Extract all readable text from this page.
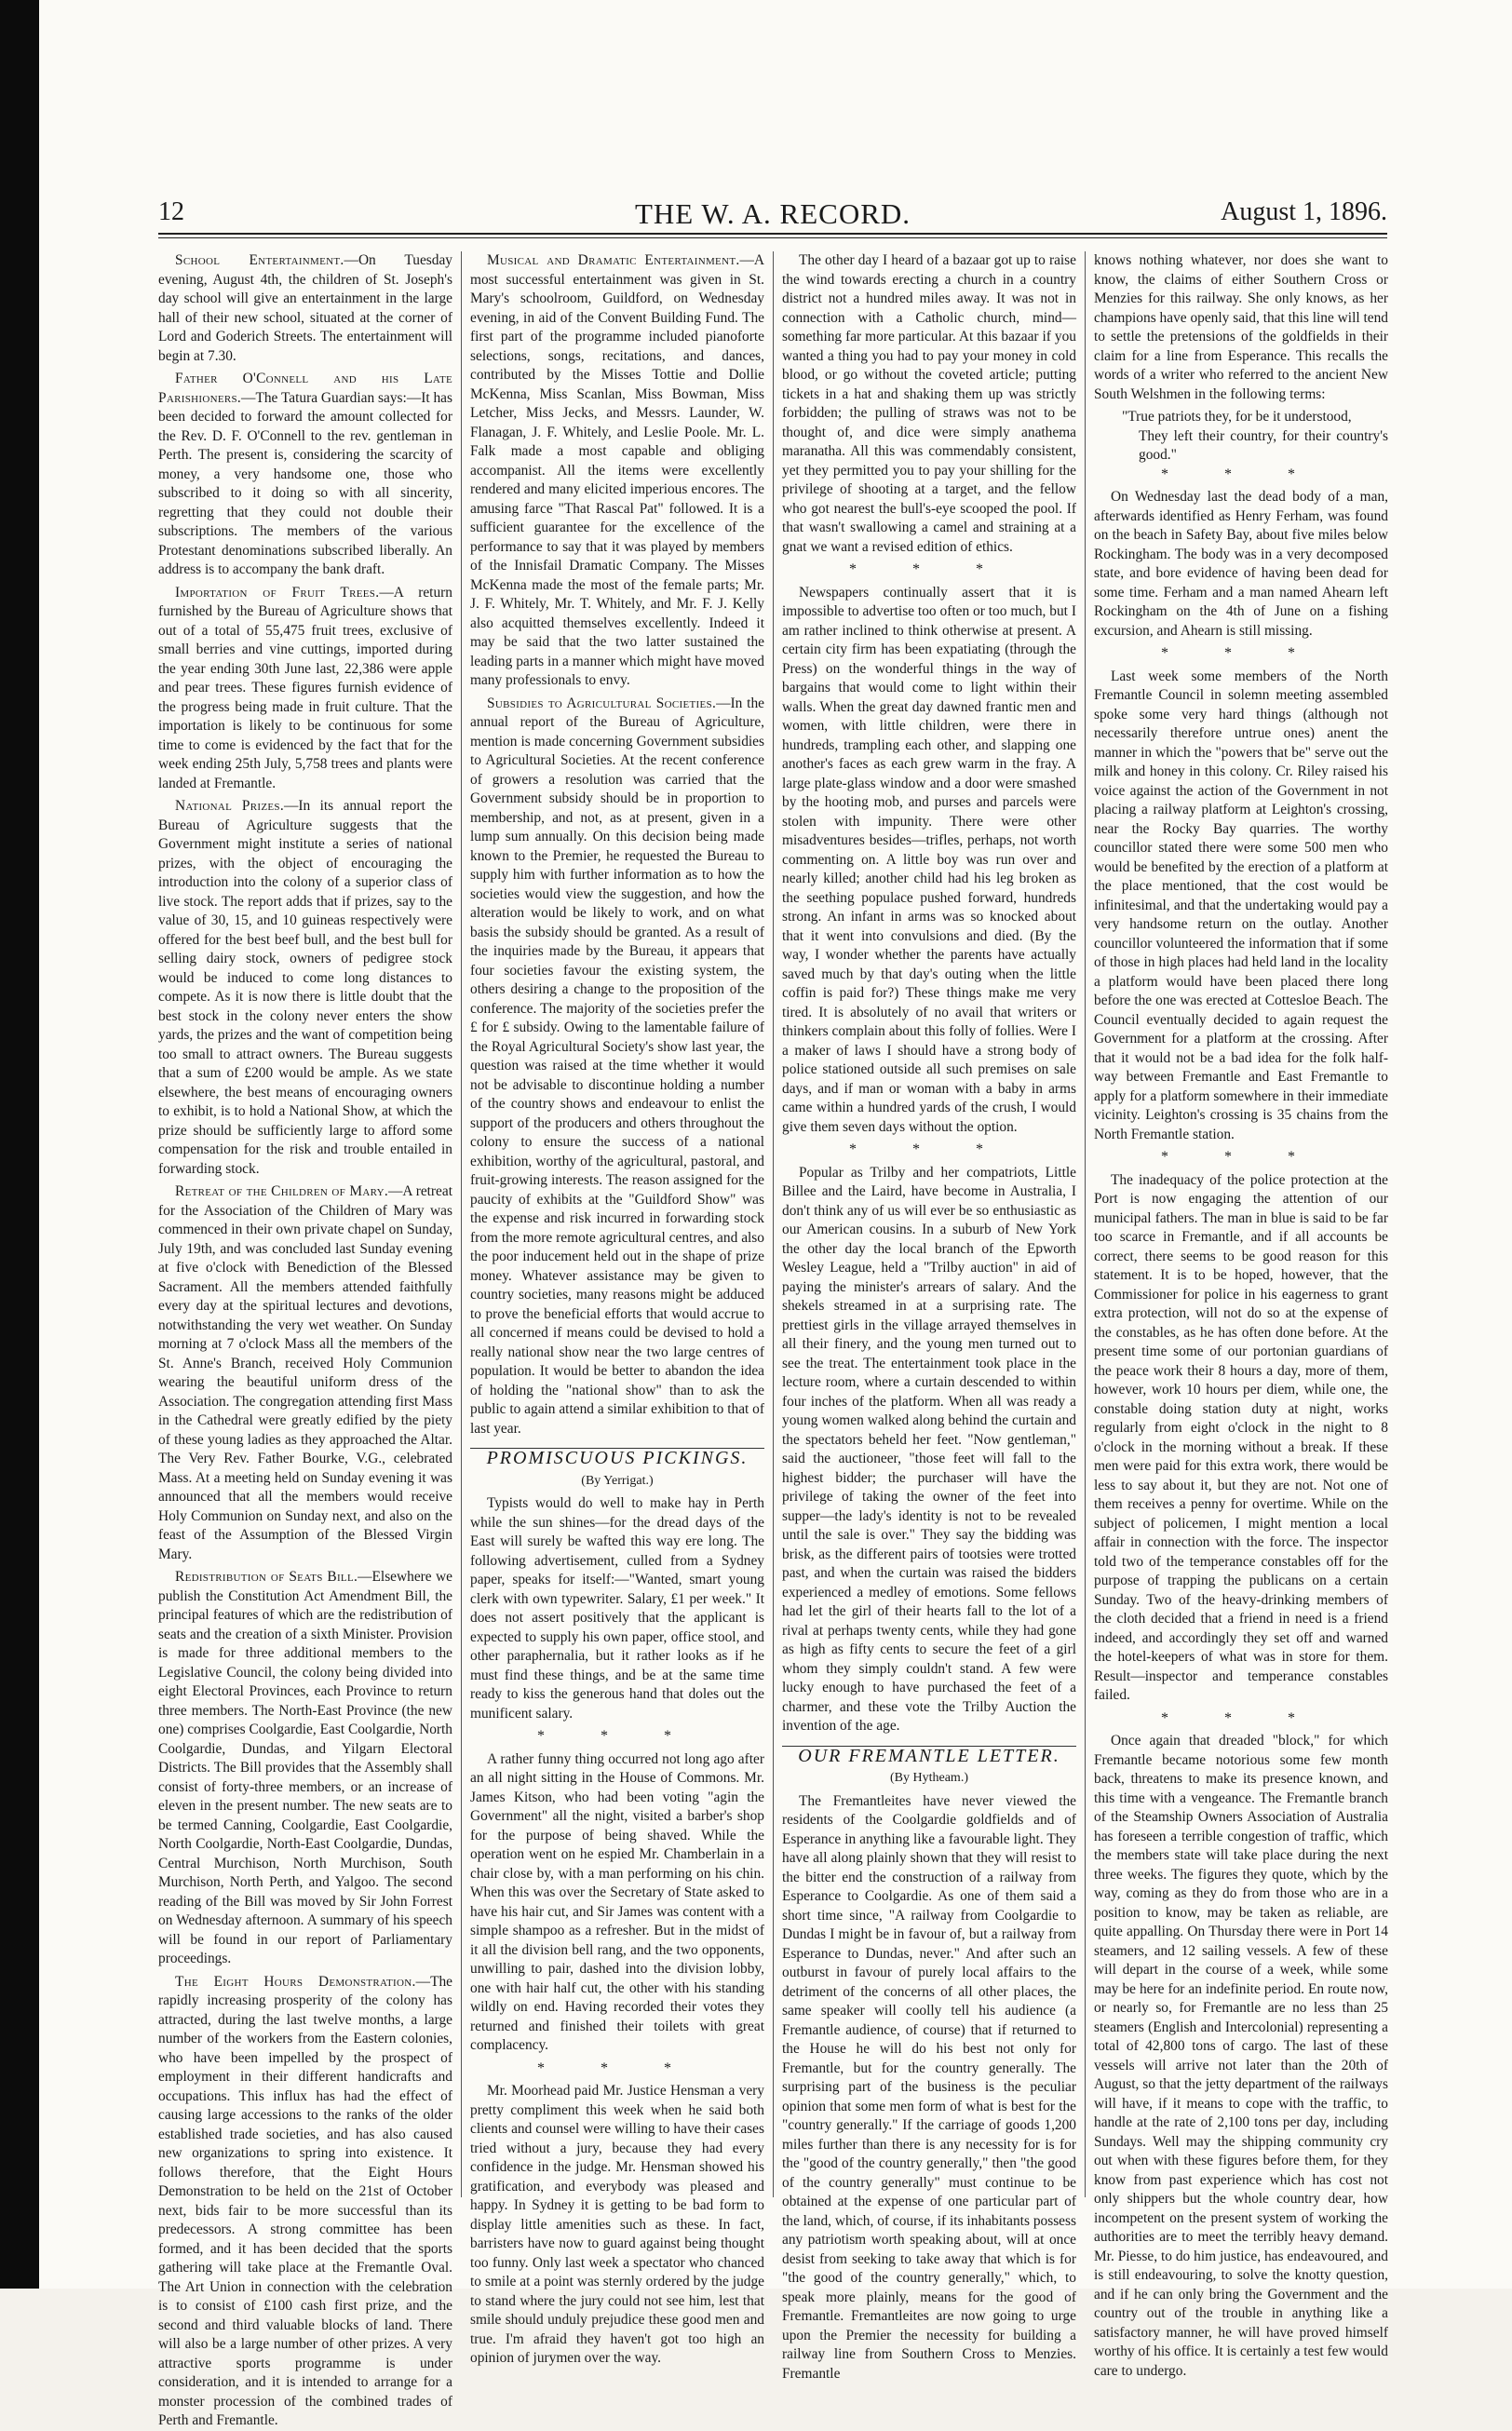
12	THE W. A. RECORD.	August 1, 1896.

School Entertainment.—On Tuesday evening, August 4th, the children of St. Joseph's day school will give an entertainment in the large hall of their new school, situated at the corner of Lord and Goderich Streets. The entertainment will begin at 7.30.

Father O'Connell and his Late Parishioners.—The Tatura Guardian says:—It has been decided to forward the amount collected for the Rev. D. F. O'Connell to the rev. gentleman in Perth. The present is, considering the scarcity of money, a very handsome one, those who subscribed to it doing so with all sincerity, regretting that they could not double their subscriptions. The members of the various Protestant denominations subscribed liberally. An address is to accompany the bank draft.

Importation of Fruit Trees.—A return furnished by the Bureau of Agriculture shows that out of a total of 55,475 fruit trees, exclusive of small berries and vine cuttings, imported during the year ending 30th June last, 22,386 were apple and pear trees. These figures furnish evidence of the progress being made in fruit culture. That the importation is likely to be continuous for some time to come is evidenced by the fact that for the week ending 25th July, 5,758 trees and plants were landed at Fremantle.

National Prizes.—In its annual report the Bureau of Agriculture suggests that the Government might institute a series of national prizes, with the object of encouraging the introduction into the colony of a superior class of live stock. The report adds that if prizes, say to the value of 30, 15, and 10 guineas respectively were offered for the best beef bull, and the best bull for selling dairy stock, owners of pedigree stock would be induced to come long distances to compete. As it is now there is little doubt that the best stock in the colony never enters the show yards, the prizes and the want of competition being too small to attract owners. The Bureau suggests that a sum of £200 would be ample. As we state elsewhere, the best means of encouraging owners to exhibit, is to hold a National Show, at which the prize should be sufficiently large to afford some compensation for the risk and trouble entailed in forwarding stock.

Retreat of the Children of Mary.—A retreat for the Association of the Children of Mary was commenced in their own private chapel on Sunday, July 19th, and was concluded last Sunday evening at five o'clock with Benediction of the Blessed Sacrament. All the members attended faithfully every day at the spiritual lectures and devotions, notwithstanding the very wet weather. On Sunday morning at 7 o'clock Mass all the members of the St. Anne's Branch, received Holy Communion wearing the beautiful uniform dress of the Association. The congregation attending first Mass in the Cathedral were greatly edified by the piety of these young ladies as they approached the Altar. The Very Rev. Father Bourke, V.G., celebrated Mass. At a meeting held on Sunday evening it was announced that all the members would receive Holy Communion on Sunday next, and also on the feast of the Assumption of the Blessed Virgin Mary.

Redistribution of Seats Bill.—Elsewhere we publish the Constitution Act Amendment Bill, the principal features of which are the redistribution of seats and the creation of a sixth Minister. Provision is made for three additional members to the Legislative Council, the colony being divided into eight Electoral Provinces, each Province to return three members. The North-East Province (the new one) comprises Coolgardie, East Coolgardie, North Coolgardie, Dundas, and Yilgarn Electoral Districts. The Bill provides that the Assembly shall consist of forty-three members, or an increase of eleven in the present number. The new seats are to be termed Canning, Coolgardie, East Coolgardie, North Coolgardie, North-East Coolgardie, Dundas, Central Murchison, North Murchison, South Murchison, North Perth, and Yalgoo. The second reading of the Bill was moved by Sir John Forrest on Wednesday afternoon. A summary of his speech will be found in our report of Parliamentary proceedings.

The Eight Hours Demonstration.—The rapidly increasing prosperity of the colony has attracted, during the last twelve months, a large number of the workers from the Eastern colonies, who have been impelled by the prospect of employment in their different handicrafts and occupations. This influx has had the effect of causing large accessions to the ranks of the older established trade societies, and has also caused new organizations to spring into existence. It follows therefore, that the Eight Hours Demonstration to be held on the 21st of October next, bids fair to be more successful than its predecessors. A strong committee has been formed, and it has been decided that the sports gathering will take place at the Fremantle Oval. The Art Union in connection with the celebration is to consist of £100 cash first prize, and the second and third valuable blocks of land. There will also be a large number of other prizes. A very attractive sports programme is under consideration, and it is intended to arrange for a monster procession of the combined trades of Perth and Fremantle.

Musical and Dramatic Entertainment.—A most successful entertainment was given in St. Mary's schoolroom, Guildford, on Wednesday evening, in aid of the Convent Building Fund. The first part of the programme included pianoforte selections, songs, recitations, and dances, contributed by the Misses Tottie and Dollie McKenna, Miss Scanlan, Miss Bowman, Miss Letcher, Miss Jecks, and Messrs. Launder, W. Flanagan, J. F. Whitely, and Leslie Poole. Mr. L. Falk made a most capable and obliging accompanist. All the items were excellently rendered and many elicited imperious encores. The amusing farce "That Rascal Pat" followed. It is a sufficient guarantee for the excellence of the performance to say that it was played by members of the Innisfail Dramatic Company. The Misses McKenna made the most of the female parts; Mr. J. F. Whitely, Mr. T. Whitely, and Mr. F. J. Kelly also acquitted themselves excellently. Indeed it may be said that the two latter sustained the leading parts in a manner which might have moved many professionals to envy.

Subsidies to Agricultural Societies.—In the annual report of the Bureau of Agriculture, mention is made concerning Government subsidies to Agricultural Societies. At the recent conference of growers a resolution was carried that the Government subsidy should be in proportion to membership, and not, as at present, given in a lump sum annually. On this decision being made known to the Premier, he requested the Bureau to supply him with further information as to how the societies would view the suggestion, and how the alteration would be likely to work, and on what basis the subsidy should be granted. As a result of the inquiries made by the Bureau, it appears that four societies favour the existing system, the others desiring a change to the proposition of the conference. The majority of the societies prefer the £ for £ subsidy. Owing to the lamentable failure of the Royal Agricultural Society's show last year, the question was raised at the time whether it would not be advisable to discontinue holding a number of the country shows and endeavour to enlist the support of the producers and others throughout the colony to ensure the success of a national exhibition, worthy of the agricultural, pastoral, and fruit-growing interests. The reason assigned for the paucity of exhibits at the "Guildford Show" was the expense and risk incurred in forwarding stock from the more remote agricultural centres, and also the poor inducement held out in the shape of prize money. Whatever assistance may be given to country societies, many reasons might be adduced to prove the beneficial efforts that would accrue to all concerned if means could be devised to hold a really national show near the two large centres of population. It would be better to abandon the idea of holding the "national show" than to ask the public to again attend a similar exhibition to that of last year.

PROMISCUOUS PICKINGS.

(By Yerrigat.)

Typists would do well to make hay in Perth while the sun shines—for the dread days of the East will surely be wafted this way ere long. The following advertisement, culled from a Sydney paper, speaks for itself:—"Wanted, smart young clerk with own typewriter. Salary, £1 per week." It does not assert positively that the applicant is expected to supply his own paper, office stool, and other paraphernalia, but it rather looks as if he must find these things, and be at the same time ready to kiss the generous hand that doles out the munificent salary.

* * *

A rather funny thing occurred not long ago after an all night sitting in the House of Commons. Mr. James Kitson, who had been voting "agin the Government" all the night, visited a barber's shop for the purpose of being shaved. While the operation went on he espied Mr. Chamberlain in a chair close by, with a man performing on his chin. When this was over the Secretary of State asked to have his hair cut, and Sir James was content with a simple shampoo as a refresher. But in the midst of it all the division bell rang, and the two opponents, unwilling to pair, dashed into the division lobby, one with hair half cut, the other with his standing wildly on end. Having recorded their votes they returned and finished their toilets with great complacency.

* * *

Mr. Moorhead paid Mr. Justice Hensman a very pretty compliment this week when he said both clients and counsel were willing to have their cases tried without a jury, because they had every confidence in the judge. Mr. Hensman showed his gratification, and everybody was pleased and happy. In Sydney it is getting to be bad form to display little amenities such as these. In fact, barristers have now to guard against being thought too funny. Only last week a spectator who chanced to smile at a point was sternly ordered by the judge to stand where the jury could not see him, lest that smile should unduly prejudice these good men and true. I'm afraid they haven't got too high an opinion of jurymen over the way.

The other day I heard of a bazaar got up to raise the wind towards erecting a church in a country district not a hundred miles away. It was not in connection with a Catholic church, mind—something far more particular. At this bazaar if you wanted a thing you had to pay your money in cold blood, or go without the coveted article; putting tickets in a hat and shaking them up was strictly forbidden; the pulling of straws was not to be thought of, and dice were simply anathema maranatha. All this was commendably consistent, yet they permitted you to pay your shilling for the privilege of shooting at a target, and the fellow who got nearest the bull's-eye scooped the pool. If that wasn't swallowing a camel and straining at a gnat we want a revised edition of ethics.

* * *

Newspapers continually assert that it is impossible to advertise too often or too much, but I am rather inclined to think otherwise at present. A certain city firm has been expatiating (through the Press) on the wonderful things in the way of bargains that would come to light within their walls. When the great day dawned frantic men and women, with little children, were there in hundreds, trampling each other, and slapping one another's faces as each grew warm in the fray. A large plate-glass window and a door were smashed by the hooting mob, and purses and parcels were stolen with impunity. There were other misadventures besides—trifles, perhaps, not worth commenting on. A little boy was run over and nearly killed; another child had his leg broken as the seething populace pushed forward, hundreds strong. An infant in arms was so knocked about that it went into convulsions and died. (By the way, I wonder whether the parents have actually saved much by that day's outing when the little coffin is paid for?) These things make me very tired. It is absolutely of no avail that writers or thinkers complain about this folly of follies. Were I a maker of laws I should have a strong body of police stationed outside all such premises on sale days, and if man or woman with a baby in arms came within a hundred yards of the crush, I would give them seven days without the option.

* * *

Popular as Trilby and her compatriots, Little Billee and the Laird, have become in Australia, I don't think any of us will ever be so enthusiastic as our American cousins. In a suburb of New York the other day the local branch of the Epworth Wesley League, held a "Trilby auction" in aid of paying the minister's arrears of salary. And the shekels streamed in at a surprising rate. The prettiest girls in the village arrayed themselves in all their finery, and the young men turned out to see the treat. The entertainment took place in the lecture room, where a curtain descended to within four inches of the platform. When all was ready a young women walked along behind the curtain and the spectators beheld her feet. "Now gentleman," said the auctioneer, "those feet will fall to the highest bidder; the purchaser will have the privilege of taking the owner of the feet into supper—the lady's identity is not to be revealed until the sale is over." They say the bidding was brisk, as the different pairs of tootsies were trotted past, and when the curtain was raised the bidders experienced a medley of emotions. Some fellows had let the girl of their hearts fall to the lot of a rival at perhaps twenty cents, while they had gone as high as fifty cents to secure the feet of a girl whom they simply couldn't stand. A few were lucky enough to have purchased the feet of a charmer, and these vote the Trilby Auction the invention of the age.

OUR FREMANTLE LETTER.

(By Hytheam.)

The Fremantleites have never viewed the residents of the Coolgardie goldfields and of Esperance in anything like a favourable light. They have all along plainly shown that they will resist to the bitter end the construction of a railway from Esperance to Coolgardie. As one of them said a short time since, "A railway from Coolgardie to Dundas I might be in favour of, but a railway from Esperance to Dundas, never." And after such an outburst in favour of purely local affairs to the detriment of the concerns of all other places, the same speaker will coolly tell his audience (a Fremantle audience, of course) that if returned to the House he will do his best not only for Fremantle, but for the country generally. The surprising part of the business is the peculiar opinion that some men form of what is best for the "country generally." If the carriage of goods 1,200 miles further than there is any necessity for is for the "good of the country generally," then "the good of the country generally" must continue to be obtained at the expense of one particular part of the land, which, of course, if its inhabitants possess any patriotism worth speaking about, will at once desist from seeking to take away that which is for "the good of the country generally," which, to speak more plainly, means for the good of Fremantle. Fremantleites are now going to urge upon the Premier the necessity for building a railway line from Southern Cross to Menzies. Fremantle

knows nothing whatever, nor does she want to know, the claims of either Southern Cross or Menzies for this railway. She only knows, as her champions have openly said, that this line will tend to settle the pretensions of the goldfields in their claim for a line from Esperance. This recalls the words of a writer who referred to the ancient New South Welshmen in the following terms:

"True patriots they, for be it understood,

They left their country, for their country's good."

* * *

On Wednesday last the dead body of a man, afterwards identified as Henry Ferham, was found on the beach in Safety Bay, about five miles below Rockingham. The body was in a very decomposed state, and bore evidence of having been dead for some time. Ferham and a man named Ahearn left Rockingham on the 4th of June on a fishing excursion, and Ahearn is still missing.

* * *

Last week some members of the North Fremantle Council in solemn meeting assembled spoke some very hard things (although not necessarily therefore untrue ones) anent the manner in which the "powers that be" serve out the milk and honey in this colony. Cr. Riley raised his voice against the action of the Government in not placing a railway platform at Leighton's crossing, near the Rocky Bay quarries. The worthy councillor stated there were some 500 men who would be benefited by the erection of a platform at the place mentioned, that the cost would be infinitesimal, and that the undertaking would pay a very handsome return on the outlay. Another councillor volunteered the information that if some of those in high places had held land in the locality a platform would have been placed there long before the one was erected at Cottesloe Beach. The Council eventually decided to again request the Government for a platform at the crossing. After that it would not be a bad idea for the folk half-way between Fremantle and East Fremantle to apply for a platform somewhere in their immediate vicinity. Leighton's crossing is 35 chains from the North Fremantle station.

* * *

The inadequacy of the police protection at the Port is now engaging the attention of our municipal fathers. The man in blue is said to be far too scarce in Fremantle, and if all accounts be correct, there seems to be good reason for this statement. It is to be hoped, however, that the Commissioner for police in his eagerness to grant extra protection, will not do so at the expense of the constables, as he has often done before. At the present time some of our portonian guardians of the peace work their 8 hours a day, more of them, however, work 10 hours per diem, while one, the constable doing station duty at night, works regularly from eight o'clock in the night to 8 o'clock in the morning without a break. If these men were paid for this extra work, there would be less to say about it, but they are not. Not one of them receives a penny for overtime. While on the subject of policemen, I might mention a local affair in connection with the force. The inspector told two of the temperance constables off for the purpose of trapping the publicans on a certain Sunday. Two of the heavy-drinking members of the cloth decided that a friend in need is a friend indeed, and accordingly they set off and warned the hotel-keepers of what was in store for them. Result—inspector and temperance constables failed.

* * *

Once again that dreaded "block," for which Fremantle became notorious some few month back, threatens to make its presence known, and this time with a vengeance. The Fremantle branch of the Steamship Owners Association of Australia has foreseen a terrible congestion of traffic, which the members state will take place during the next three weeks. The figures they quote, which by the way, coming as they do from those who are in a position to know, may be taken as reliable, are quite appalling. On Thursday there were in Port 14 steamers, and 12 sailing vessels. A few of these will depart in the course of a week, while some may be here for an indefinite period. En route now, or nearly so, for Fremantle are no less than 25 steamers (English and Intercolonial) representing a total of 42,800 tons of cargo. The last of these vessels will arrive not later than the 20th of August, so that the jetty department of the railways will have, if it means to cope with the traffic, to handle at the rate of 2,100 tons per day, including Sundays. Well may the shipping community cry out when with these figures before them, for they know from past experience which has cost not only shippers but the whole country dear, how incompetent on the present system of working the authorities are to meet the terribly heavy demand. Mr. Piesse, to do him justice, has endeavoured, and is still endeavouring, to solve the knotty question, and if he can only bring the Government and the country out of the trouble in anything like a satisfactory manner, he will have proved himself worthy of his office. It is certainly a test few would care to undergo.
